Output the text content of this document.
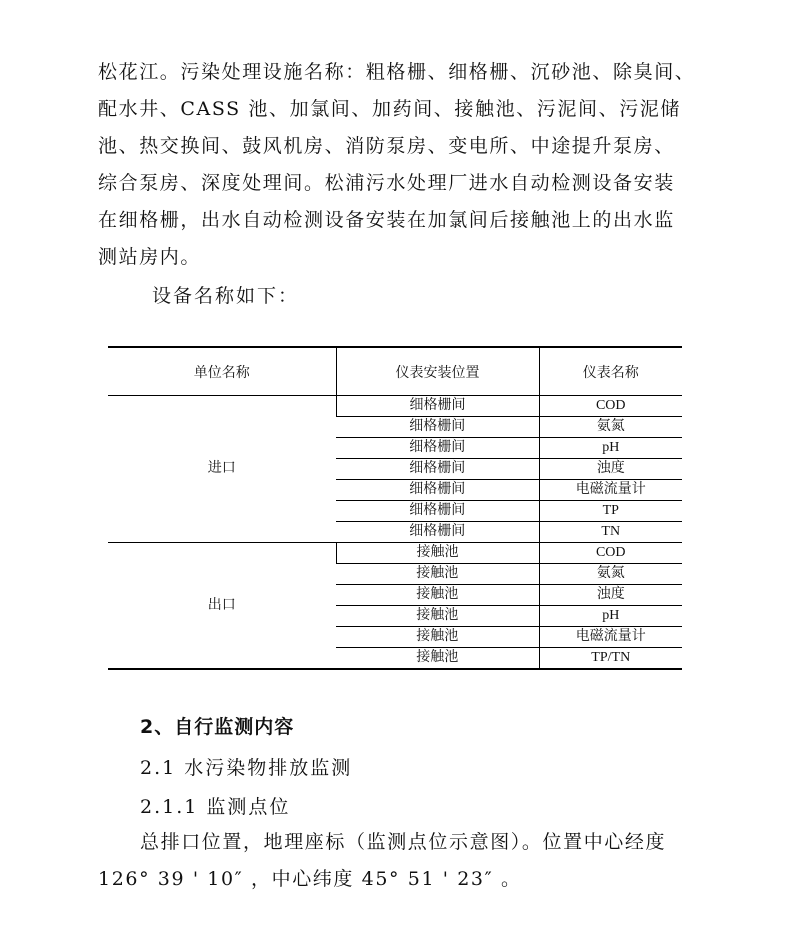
松花江。污染处理设施名称：粗格栅、细格栅、沉砂池、除臭间、
配水井、CASS 池、加氯间、加药间、接触池、污泥间、污泥储
池、热交换间、鼓风机房、消防泵房、变电所、中途提升泵房、
综合泵房、深度处理间。松浦污水处理厂进水自动检测设备安装
在细格栅，出水自动检测设备安装在加氯间后接触池上的出水监
测站房内。
设备名称如下：
单位名称	仪表安装位置	仪表名称
进口	细格栅间	COD
	细格栅间	氨氮
	细格栅间	pH
	细格栅间	浊度
	细格栅间	电磁流量计
	细格栅间	TP
	细格栅间	TN
出口	接触池	COD
	接触池	氨氮
	接触池	浊度
	接触池	pH
	接触池	电磁流量计
	接触池	TP/TN
2、自行监测内容
2.1 水污染物排放监测
2.1.1 监测点位
总排口位置，地理座标（监测点位示意图）。位置中心经度
126° 39 ' 10″ ，中心纬度 45° 51 ' 23″ 。
